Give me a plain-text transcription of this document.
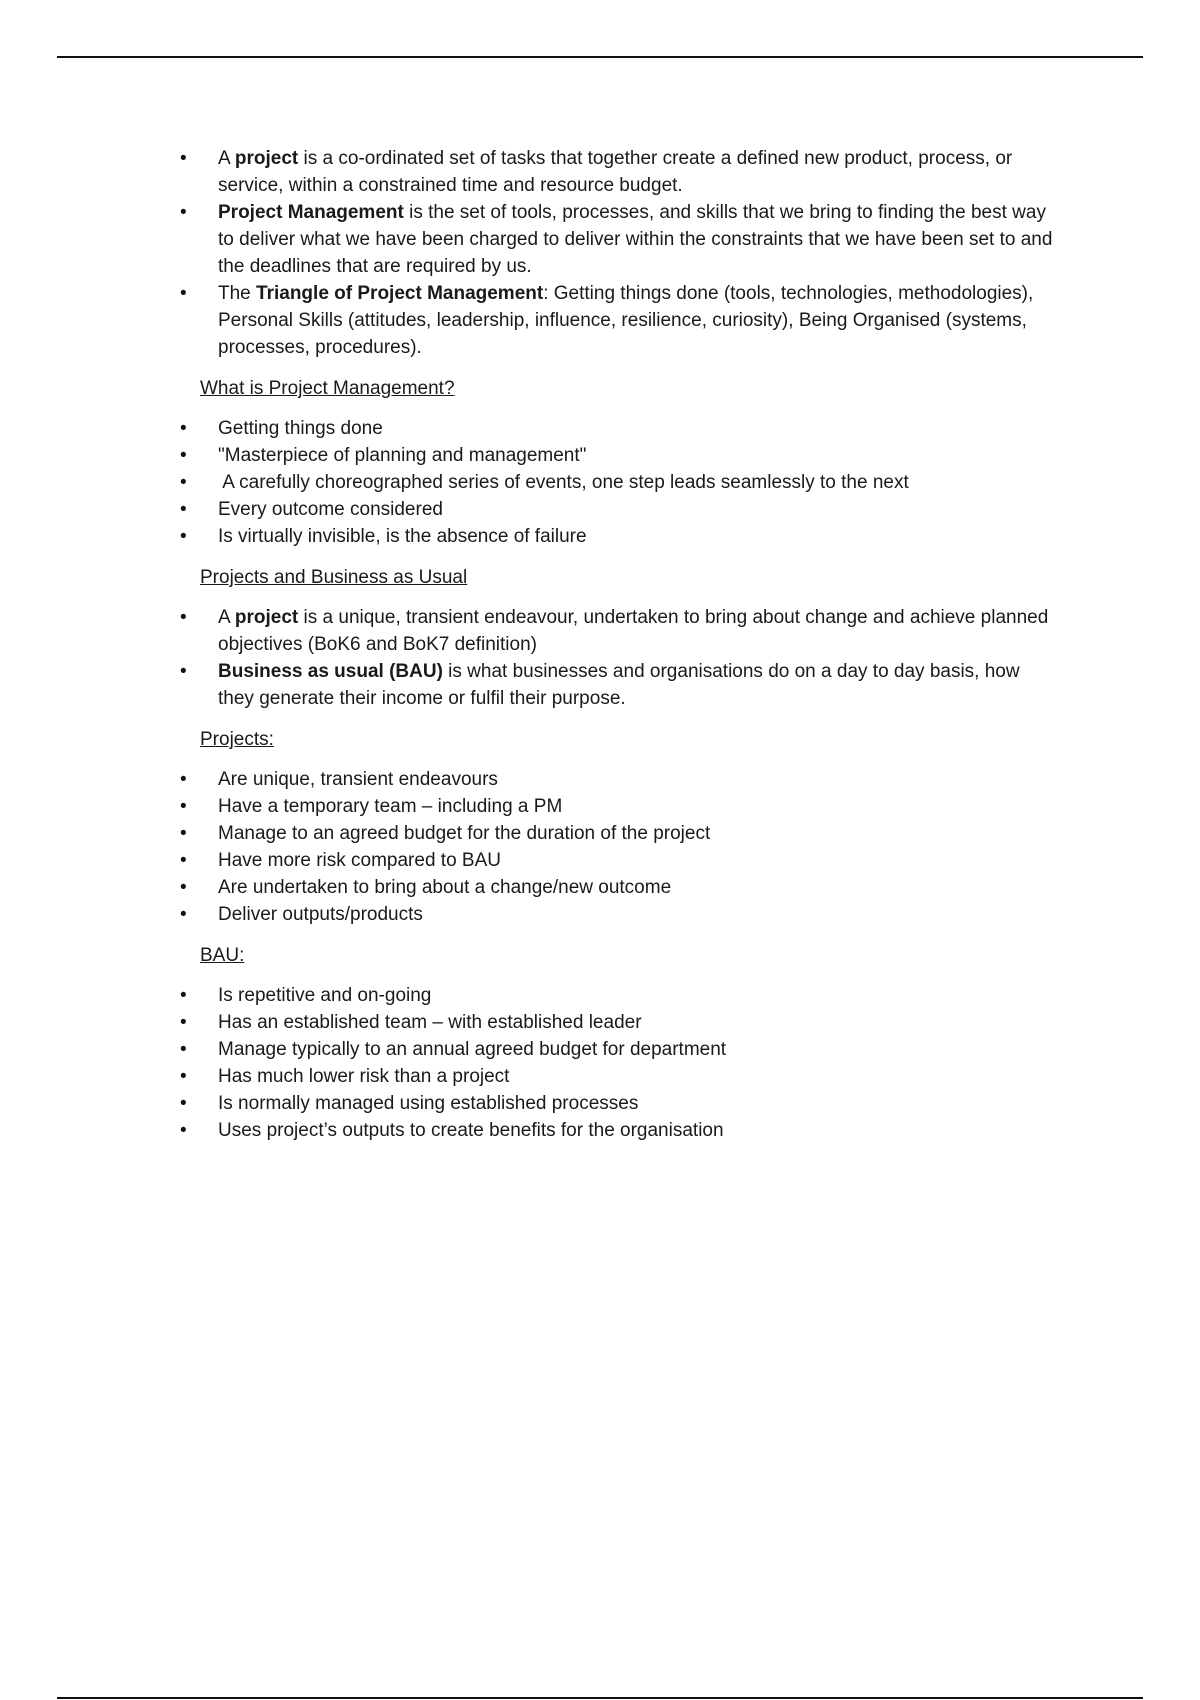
• A project is a co-ordinated set of tasks that together create a defined new product, process, or service, within a constrained time and resource budget.
• Project Management is the set of tools, processes, and skills that we bring to finding the best way to deliver what we have been charged to deliver within the constraints that we have been set to and the deadlines that are required by us.
• The Triangle of Project Management: Getting things done (tools, technologies, methodologies), Personal Skills (attitudes, leadership, influence, resilience, curiosity), Being Organised (systems, processes, procedures).
What is Project Management?
• Getting things done
• "Masterpiece of planning and management"
•  A carefully choreographed series of events, one step leads seamlessly to the next
• Every outcome considered
• Is virtually invisible, is the absence of failure
Projects and Business as Usual
• A project is a unique, transient endeavour, undertaken to bring about change and achieve planned objectives (BoK6 and BoK7 definition)
• Business as usual (BAU) is what businesses and organisations do on a day to day basis, how they generate their income or fulfil their purpose.
Projects:
• Are unique, transient endeavours
• Have a temporary team – including a PM
• Manage to an agreed budget for the duration of the project
• Have more risk compared to BAU
• Are undertaken to bring about a change/new outcome
• Deliver outputs/products
BAU:
• Is repetitive and on-going
• Has an established team – with established leader
• Manage typically to an annual agreed budget for department
• Has much lower risk than a project
• Is normally managed using established processes
• Uses project’s outputs to create benefits for the organisation
